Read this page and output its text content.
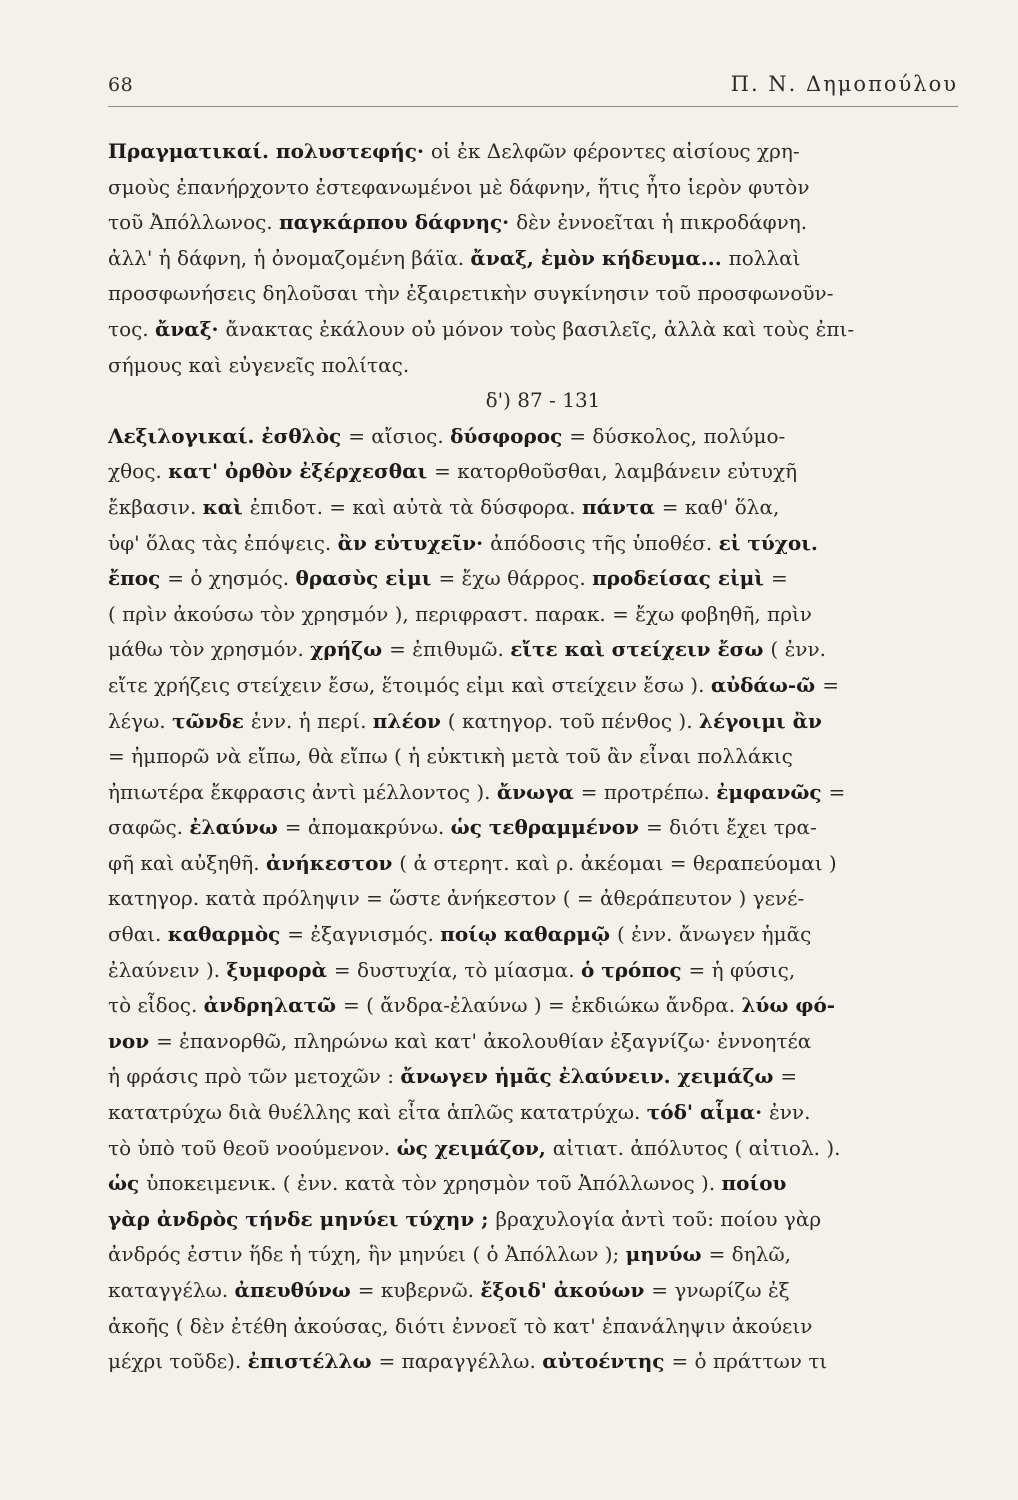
68	Π. Ν. Δημοπούλου
Πραγματικαί. πολυστεφής· οἱ ἐκ Δελφῶν φέροντες αἰσίους χρη-
σμοὺς ἐπανήρχοντο ἐστεφανωμένοι μὲ δάφνην, ἥτις ἦτο ἱερὸν φυτὸν
τοῦ Ἀπόλλωνος. παγκάρπου δάφνης· δὲν ἐννοεῖται ἡ πικροδάφνη.
ἀλλ' ἡ δάφνη, ἡ ὀνομαζομένη βάϊα. ἄναξ, ἐμὸν κήδευμα... πολλαὶ
προσφωνήσεις δηλοῦσαι τὴν ἐξαιρετικὴν συγκίνησιν τοῦ προσφωνοῦν-
τος. ἄναξ· ἄνακτας ἐκάλουν οὐ μόνον τοὺς βασιλεῖς, ἀλλὰ καὶ τοὺς ἐπι-
σήμους καὶ εὐγενεῖς πολίτας.
δ') 87 - 131
Λεξιλογικαί. ἐσθλὸς = αἴσιος. δύσφορος = δύσκολος, πολύμο-
χθος. κατ' ὀρθὸν ἐξέρχεσθαι = κατορθοῦσθαι, λαμβάνειν εὐτυχῆ
ἔκβασιν. καὶ ἐπιδοτ. = καὶ αὐτὰ τὰ δύσφορα. πάντα = καθ' ὅλα,
ὑφ' ὅλας τὰς ἐπόψεις. ἂν εὐτυχεῖν· ἀπόδοσις τῆς ὑποθέσ. εἰ τύχοι.
ἔπος = ὁ χησμός. θρασὺς εἰμι = ἔχω θάρρος. προδείσας εἰμὶ =
( πρὶν ἀκούσω τὸν χρησμόν ), περιφραστ. παρακ. = ἔχω φοβηθῆ, πρὶν
μάθω τὸν χρησμόν. χρήζω = ἐπιθυμῶ. εἴτε καὶ στείχειν ἔσω ( ἐνν.
εἴτε χρήζεις στείχειν ἔσω, ἕτοιμός εἰμι καὶ στείχειν ἔσω ). αὐδάω-ῶ =
λέγω. τῶνδε ἐνν. ἡ περί. πλέον ( κατηγορ. τοῦ πένθος ). λέγοιμι ἂν
= ἠμπορῶ νὰ εἴπω, θὰ εἴπω ( ἡ εὐκτικὴ μετὰ τοῦ ἂν εἶναι πολλάκις
ἠπιωτέρα ἔκφρασις ἀντὶ μέλλοντος ). ἄνωγα = προτρέπω. ἐμφανῶς =
σαφῶς. ἐλαύνω = ἀπομακρύνω. ὡς τεθραμμένον = διότι ἔχει τρα-
φῆ καὶ αὐξηθῆ. ἀνήκεστον ( ἀ στερητ. καὶ ρ. ἀκέομαι = θεραπεύομαι )
κατηγορ. κατὰ πρόληψιν = ὥστε ἀνήκεστον ( = ἀθεράπευτον ) γενέ-
σθαι. καθαρμὸς = ἐξαγνισμός. ποίῳ καθαρμῷ ( ἐνν. ἄνωγεν ἡμᾶς
ἐλαύνειν ). ξυμφορὰ = δυστυχία, τὸ μίασμα. ὁ τρόπος = ἡ φύσις,
τὸ εἶδος. ἀνδρηλατῶ = ( ἄνδρα-ἐλαύνω ) = ἐκδιώκω ἄνδρα. λύω φό-
νον = ἐπανορθῶ, πληρώνω καὶ κατ' ἀκολουθίαν ἐξαγνίζω· ἐννοητέα
ἡ φράσις πρὸ τῶν μετοχῶν : ἄνωγεν ἡμᾶς ἐλαύνειν. χειμάζω =
κατατρύχω διὰ θυέλλης καὶ εἶτα ἁπλῶς κατατρύχω. τόδ' αἷμα· ἐνν.
τὸ ὑπὸ τοῦ θεοῦ νοούμενον. ὡς χειμάζον, αἰτιατ. ἀπόλυτος ( αἰτιολ. ).
ὡς ὑποκειμενικ. ( ἐνν. κατὰ τὸν χρησμὸν τοῦ Ἀπόλλωνος ). ποίου
γὰρ ἀνδρὸς τήνδε μηνύει τύχην ; βραχυλογία ἀντὶ τοῦ: ποίου γὰρ
ἀνδρός ἐστιν ἥδε ἡ τύχη, ἣν μηνύει ( ὁ Ἀπόλλων ); μηνύω = δηλῶ,
καταγγέλω. ἀπευθύνω = κυβερνῶ. ἔξοιδ' ἀκούων = γνωρίζω ἐξ
ἀκοῆς ( δὲν ἐτέθη ἀκούσας, διότι ἐννοεῖ τὸ κατ' ἐπανάληψιν ἀκούειν
μέχρι τοῦδε). ἐπιστέλλω = παραγγέλλω. αὐτοέντης = ὁ πράττων τι
